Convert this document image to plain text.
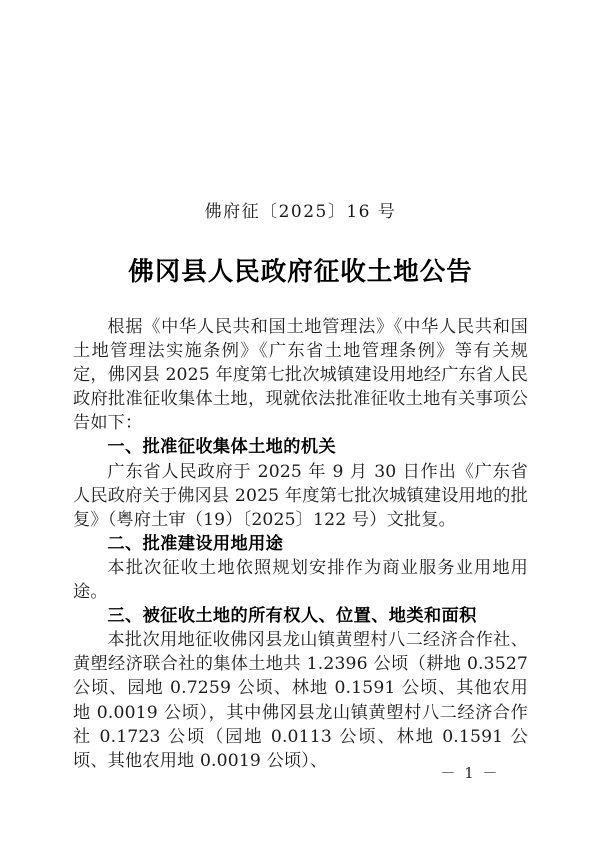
佛府征〔2025〕16 号
佛冈县人民政府征收土地公告

根据《中华人民共和国土地管理法》《中华人民共和国土地管理法实施条例》《广东省土地管理条例》等有关规定，佛冈县 2025 年度第七批次城镇建设用地经广东省人民政府批准征收集体土地，现就依法批准征收土地有关事项公告如下：

一、批准征收集体土地的机关

广东省人民政府于 2025 年 9 月 30 日作出《广东省人民政府关于佛冈县 2025 年度第七批次城镇建设用地的批复》（粤府土审（19）〔2025〕122 号）文批复。

二、批准建设用地用途

本批次征收土地依照规划安排作为商业服务业用地用途。

三、被征收土地的所有权人、位置、地类和面积

本批次用地征收佛冈县龙山镇黄塱村八二经济合作社、黄塱经济联合社的集体土地共 1.2396 公顷（耕地 0.3527 公顷、园地 0.7259 公顷、林地 0.1591 公顷、其他农用地 0.0019 公顷），其中佛冈县龙山镇黄塱村八二经济合作社 0.1723 公顷（园地 0.0113 公顷、林地 0.1591 公顷、其他农用地 0.0019 公顷）、

－ 1 －
